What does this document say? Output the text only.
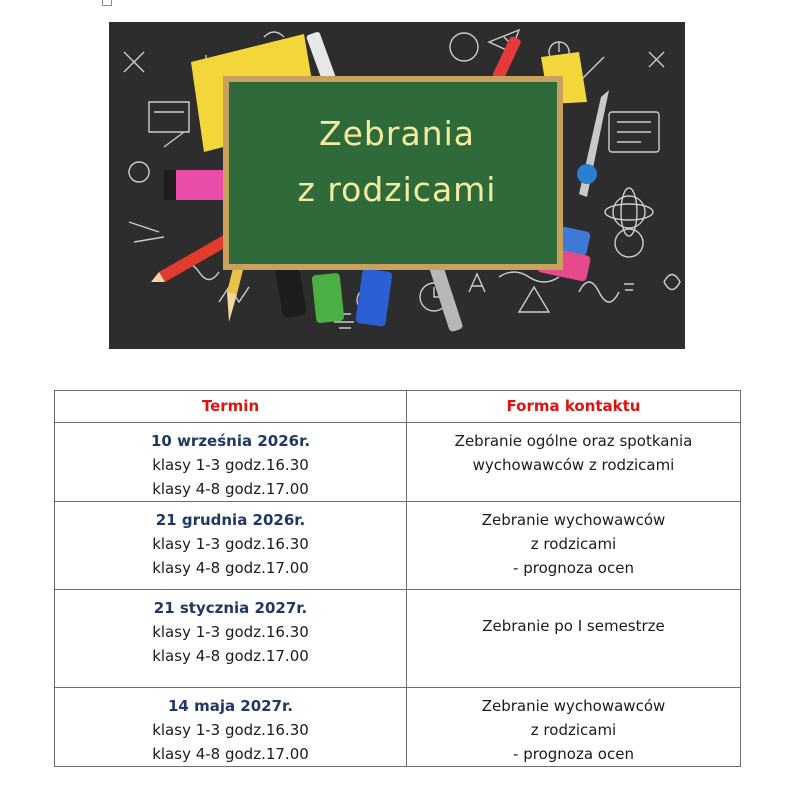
Zebrania
z rodzicami
Termin	Forma kontaktu

10 września 2026r.
klasy 1-3 godz.16.30
klasy 4-8 godz.17.00	Zebranie ogólne oraz spotkania
wychowawców z rodzicami

21 grudnia 2026r.
klasy 1-3 godz.16.30
klasy 4-8 godz.17.00	Zebranie wychowawców
z rodzicami
- prognoza ocen

21 stycznia 2027r.
klasy 1-3 godz.16.30
klasy 4-8 godz.17.00	Zebranie po I semestrze

14 maja 2027r.
klasy 1-3 godz.16.30
klasy 4-8 godz.17.00	Zebranie wychowawców
z rodzicami
- prognoza ocen
